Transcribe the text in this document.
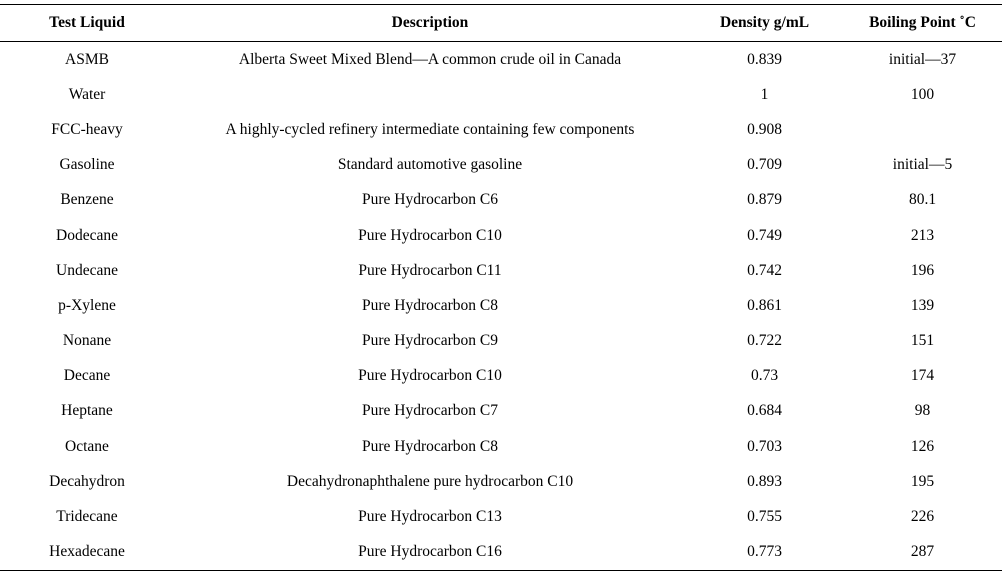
Test Liquid	Description	Density g/mL	Boiling Point ˚C
ASMB	Alberta Sweet Mixed Blend—A common crude oil in Canada	0.839	initial—37
Water		1	100
FCC-heavy	A highly-cycled refinery intermediate containing few components	0.908	
Gasoline	Standard automotive gasoline	0.709	initial—5
Benzene	Pure Hydrocarbon C6	0.879	80.1
Dodecane	Pure Hydrocarbon C10	0.749	213
Undecane	Pure Hydrocarbon C11	0.742	196
p-Xylene	Pure Hydrocarbon C8	0.861	139
Nonane	Pure Hydrocarbon C9	0.722	151
Decane	Pure Hydrocarbon C10	0.73	174
Heptane	Pure Hydrocarbon C7	0.684	98
Octane	Pure Hydrocarbon C8	0.703	126
Decahydron	Decahydronaphthalene pure hydrocarbon C10	0.893	195
Tridecane	Pure Hydrocarbon C13	0.755	226
Hexadecane	Pure Hydrocarbon C16	0.773	287
